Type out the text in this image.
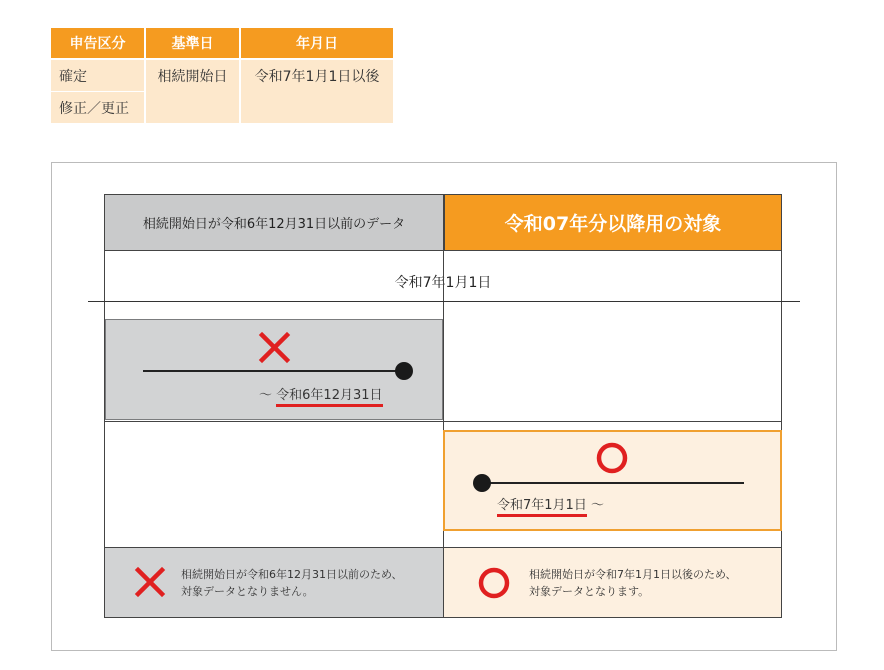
申告区分	基準日	年月日
確定
修正／更正
相続開始日	令和7年1月1日以後
相続開始日が令和6年12月31日以前のデータ	令和07年分以降用の対象
令和7年1月1日
～ 令和6年12月31日
令和7年1月1日 ～
相続開始日が令和6年12月31日以前のため、
対象データとなりません。
相続開始日が令和7年1月1日以後のため、
対象データとなります。
